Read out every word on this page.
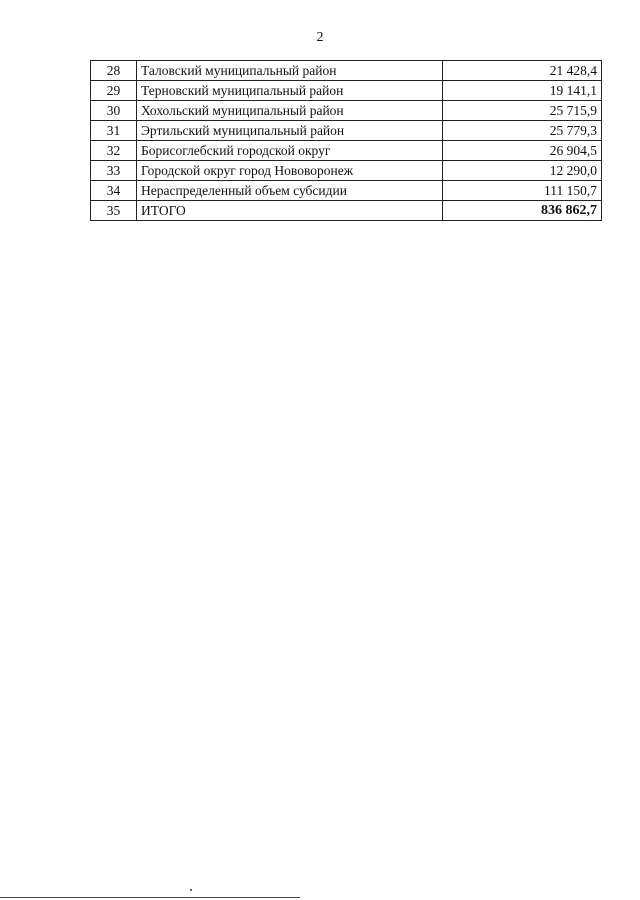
2
28	Таловский муниципальный район	21 428,4
29	Терновский муниципальный район	19 141,1
30	Хохольский муниципальный район	25 715,9
31	Эртильский муниципальный район	25 779,3
32	Борисоглебский городской округ	26 904,5
33	Городской округ город Нововоронеж	12 290,0
34	Нераспределенный объем субсидии	111 150,7
35	ИТОГО	836 862,7
